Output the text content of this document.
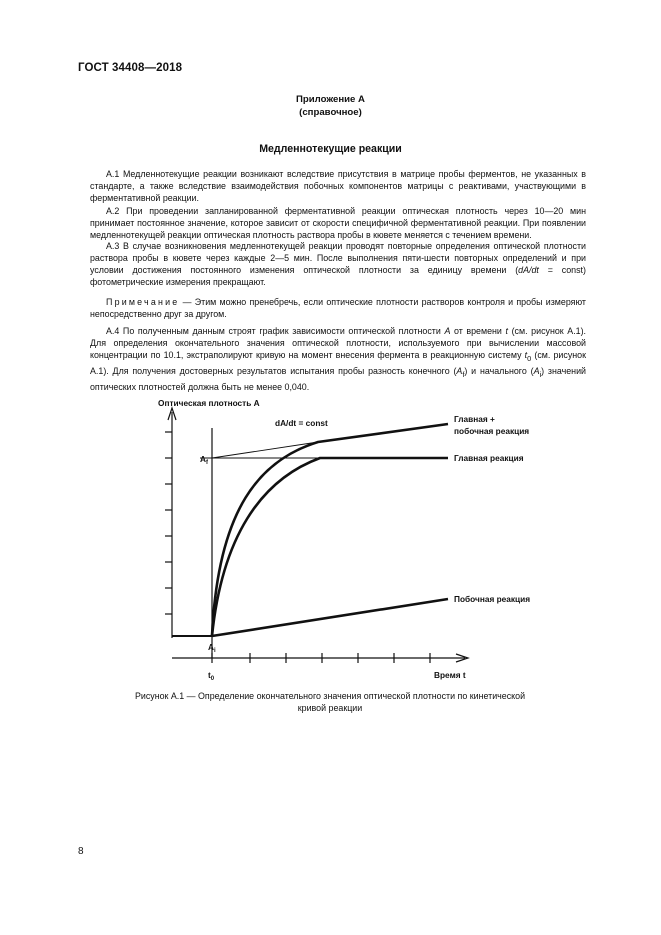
ГОСТ 34408—2018
Приложение А
(справочное)
Медленнотекущие реакции

А.1 Медленнотекущие реакции возникают вследствие присутствия в матрице пробы ферментов, не указанных в стандарте, а также вследствие взаимодействия побочных компонентов матрицы с реактивами, участвующими в ферментативной реакции.

А.2 При проведении запланированной ферментативной реакции оптическая плотность через 10—20 мин принимает постоянное значение, которое зависит от скорости специфичной ферментативной реакции. При появлении медленнотекущей реакции оптическая плотность раствора пробы в кювете меняется с течением времени.

А.3 В случае возникновения медленнотекущей реакции проводят повторные определения оптической плотности раствора пробы в кювете через каждые 2—5 мин. После выполнения пяти-шести повторных определений и при условии достижения постоянного изменения оптической плотности за единицу времени (dA/dt = const) фотометрические измерения прекращают.

Примечание — Этим можно пренебречь, если оптические плотности растворов контроля и пробы измеряют непосредственно друг за другом.

А.4 По полученным данным строят график зависимости оптической плотности А от времени t (см. рисунок А.1). Для определения окончательного значения оптической плотности, используемого при вычислении массовой концентрации по 10.1, экстраполируют кривую на момент внесения фермента в реакционную систему $t_0$ (см. рисунок А.1). Для получения достоверных результатов испытания пробы разность конечного $(A_f)$ и начального $(A_i)$ значений оптических плотностей должна быть не менее 0,040.

Оптическая плотность A
dA/dt = const
$A_f$
$A_i$
$t_0$	Время t
Главная +
побочная реакция
Главная реакция
Побочная реакция
Рисунок А.1 — Определение окончательного значения оптической плотности по кинетической
кривой реакции
8
